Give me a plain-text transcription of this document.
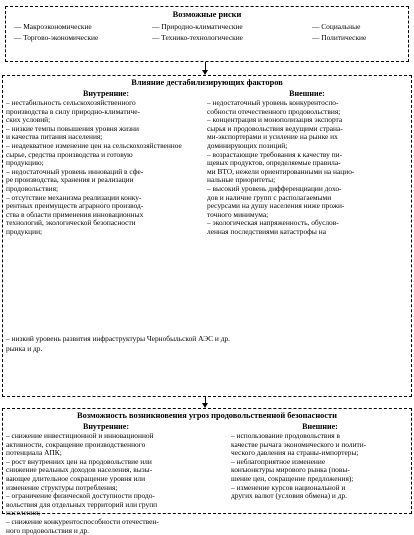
Возможные риски
— Макроэкономические	— Природно-климатические	— Социальные
— Торгово-экономические	— Технико-технологические	— Политические
Влияние дестабилизирующих факторов
Внутренние:
– нестабильность сельскохозяйственного
производства в силу природно-климатиче-
ских условий;
– низкие темпы повышения уровня жизни
и качества питания населения;
– неадекватное изменение цен на сельскохозяйственное
сырье, средства производства и готовую
продукцию;
– недостаточный уровень инноваций в сфе-
ре производства, хранения и реализации
продовольствия;
– отсутствие механизма реализации конку-
рентных преимуществ аграрного производ-
ства в области применения инновационных
технологий, экологической безопасности
продукции;
Внешние:
– недостаточный уровень конкурентоспо-
собности отечественного продовольствия;
– концентрация и монополизация экспорта
сырья и продовольствия ведущими страна-
ми-экспортерами и усиление на рынке их
доминирующих позиций;
– возрастающие требования к качеству пи-
щевых продуктов, определяемые правила-
ми ВТО, нежели ориентированными на нацио-
нальные приоритеты;
– высокий уровень дифференциации дохо-
дов и наличие групп с располагаемыми
ресурсами на душу населения ниже прожи-
точного минимума;
– экологическая напряженность, обуслов-
ленная последствиями катастрофы на
– низкий уровень развития инфраструктуры Чернобыльской АЭС и др.
рынка и др.
Возможность возникновения угроз продовольственной безопасности
Внутренние:
– снижение инвестиционной и инновационной
активности, сокращение производственного
потенциала АПК;
– рост внутренних цен на продовольствие или
снижение реальных доходов населения, вызы-
вающее длительное сокращение уровня или
изменение структуры потребления;
– ограничение физической доступности продо-
вольствия для отдельных территорий или групп
населения;
– снижение конкурентоспособности отечествен-
ного продовольствия и др.
Внешние:
– использование продовольствия в
качестве рычага экономического и полити-
ческого давления на страны-импортеры;
– неблагоприятное изменение
конъюнктуры мирового рынка (повы-
шение цен, сокращение предложения);
– изменение курсов национальной и
других валют (условия обмена) и др.
